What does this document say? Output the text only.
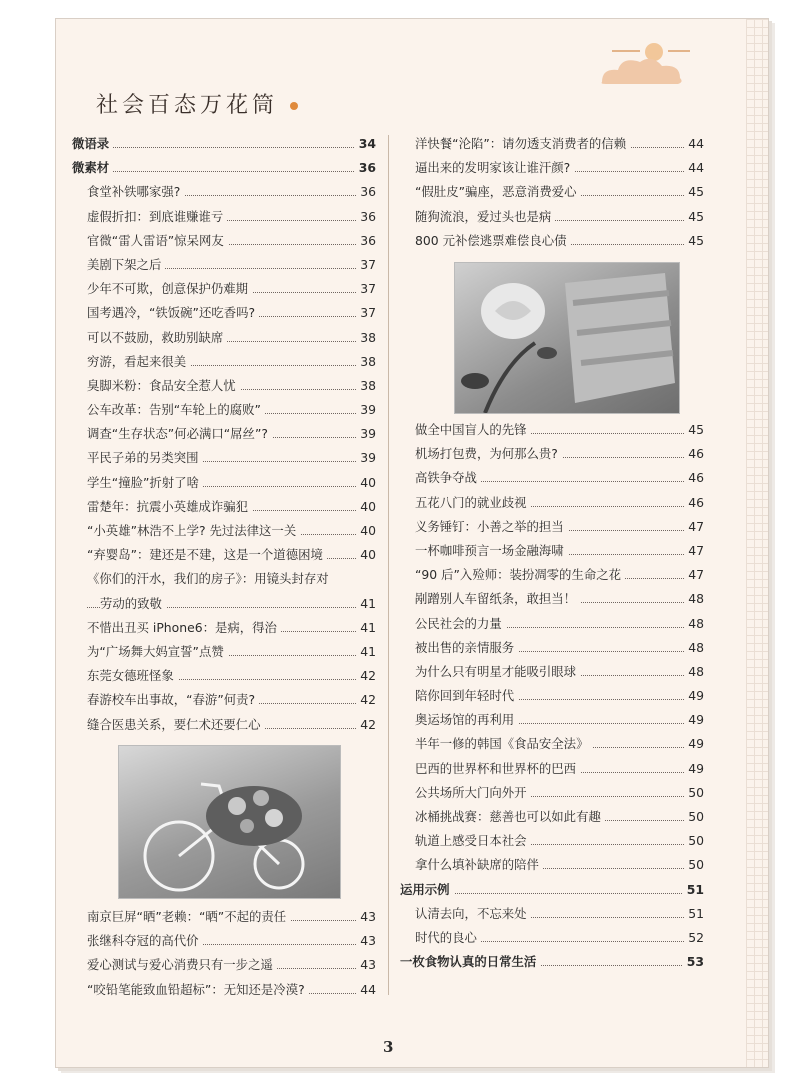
社会百态万花筒
微语录	34
微素材	36
食堂补铁哪家强?	36
虚假折扣：到底谁赚谁亏	36
官微“雷人雷语”惊呆网友	36
美剧下架之后	37
少年不可欺，创意保护仍难期	37
国考遇冷，“铁饭碗”还吃香吗?	37
可以不鼓励，救助别缺席	38
穷游，看起来很美	38
臭脚米粉：食品安全惹人忧	38
公车改革：告别“车轮上的腐败”	39
调查“生存状态”何必满口“屌丝”?	39
平民子弟的另类突围	39
学生“撞脸”折射了啥	40
雷楚年：抗震小英雄成诈骗犯	40
“小英雄”林浩不上学? 先过法律这一关	40
“弃婴岛”：建还是不建，这是一个道德困境	40
《你们的汗水，我们的房子》：用镜头封存对
劳动的致敬	41
不惜出丑买 iPhone6：是病，得治	41
为“广场舞大妈宣誓”点赞	41
东莞女德班怪象	42
春游校车出事故，“春游”何责?	42
缝合医患关系，要仁术还要仁心	42
南京巨屏“晒”老赖：“晒”不起的责任	43
张继科夺冠的高代价	43
爱心测试与爱心消费只有一步之遥	43
“咬铅笔能致血铅超标”：无知还是冷漠?	44
洋快餐“沦陷”：请勿透支消费者的信赖	44
逼出来的发明家该让谁汗颜?	44
“假肚皮”骗座，恶意消费爱心	45
随狗流浪，爱过头也是病	45
800 元补偿逃票难偿良心债	45
做全中国盲人的先锋	45
机场打包费，为何那么贵?	46
高铁争夺战	46
五花八门的就业歧视	46
义务锤钉：小善之举的担当	47
一杯咖啡预言一场金融海啸	47
“90 后”入殓师：装扮凋零的生命之花	47
剐蹭别人车留纸条，敢担当！	48
公民社会的力量	48
被出售的亲情服务	48
为什么只有明星才能吸引眼球	48
陪你回到年轻时代	49
奥运场馆的再利用	49
半年一修的韩国《食品安全法》	49
巴西的世界杯和世界杯的巴西	49
公共场所大门向外开	50
冰桶挑战赛：慈善也可以如此有趣	50
轨道上感受日本社会	50
拿什么填补缺席的陪伴	50
运用示例	51
认清去向，不忘来处	51
时代的良心	52
一枚食物认真的日常生活	53
3
